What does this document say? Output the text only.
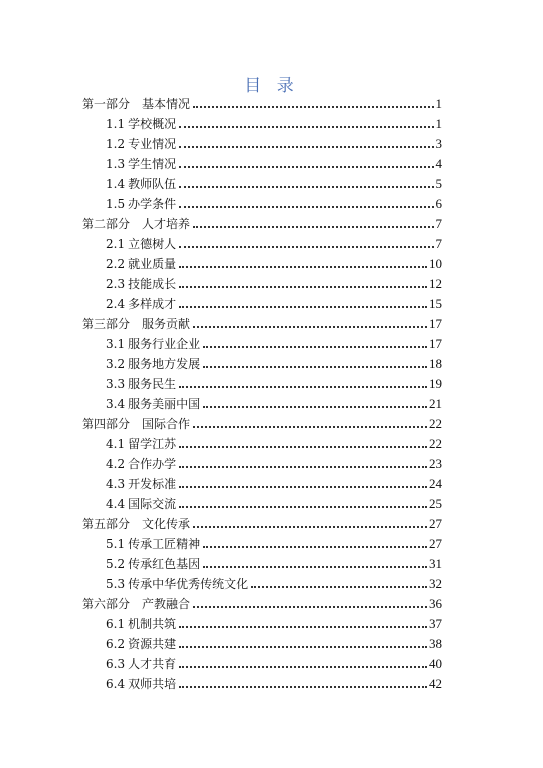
目 录
第一部分 基本情况	1
1.1 学校概况	1
1.2 专业情况	3
1.3 学生情况	4
1.4 教师队伍	5
1.5 办学条件	6
第二部分 人才培养	7
2.1 立德树人	7
2.2 就业质量	10
2.3 技能成长	12
2.4 多样成才	15
第三部分 服务贡献	17
3.1 服务行业企业	17
3.2 服务地方发展	18
3.3 服务民生	19
3.4 服务美丽中国	21
第四部分 国际合作	22
4.1 留学江苏	22
4.2 合作办学	23
4.3 开发标准	24
4.4 国际交流	25
第五部分 文化传承	27
5.1 传承工匠精神	27
5.2 传承红色基因	31
5.3 传承中华优秀传统文化	32
第六部分 产教融合	36
6.1 机制共筑	37
6.2 资源共建	38
6.3 人才共育	40
6.4 双师共培	42
